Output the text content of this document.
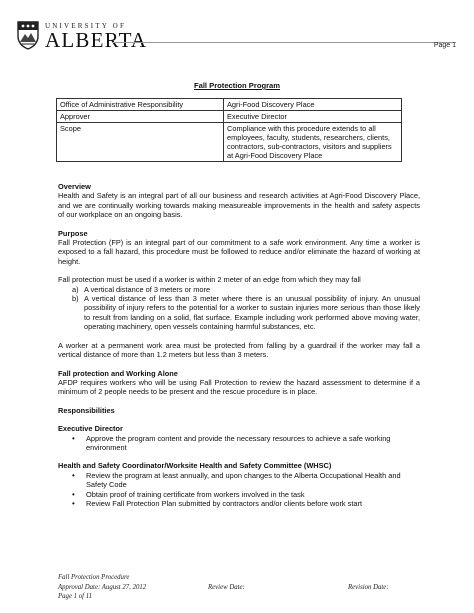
UNIVERSITY OF
ALBERTA	Page 1
Fall Protection Program
Office of Administrative Responsibility	Agri-Food Discovery Place
Approver	Executive Director
Scope	Compliance with this procedure extends to all employees, faculty, students, researchers, clients, contractors, sub-contractors, visitors and suppliers at Agri-Food Discovery Place
Overview
Health and Safety is an integral part of all our business and research activities at Agri-Food Discovery Place, and we are continually working towards making measureable improvements in the health and safety aspects of our workplace on an ongoing basis.
Purpose
Fall Protection (FP) is an integral part of our commitment to a safe work environment. Any time a worker is exposed to a fall hazard, this procedure must be followed to reduce and/or eliminate the hazard of working at height.
Fall protection must be used if a worker is within 2 meter of an edge from which they may fall
a) A vertical distance of 3 meters or more
b) A vertical distance of less than 3 meter where there is an unusual possibility of injury. An unusual possibility of injury refers to the potential for a worker to sustain injuries more serious than those likely to result from landing on a solid, flat surface. Example including work performed above moving water, operating machinery, open vessels containing harmful substances, etc.
A worker at a permanent work area must be protected from falling by a guardrail if the worker may fall a vertical distance of more than 1.2 meters but less than 3 meters.
Fall protection and Working Alone
AFDP requires workers who will be using Fall Protection to review the hazard assessment to determine if a minimum of 2 people needs to be present and the rescue procedure is in place.
Responsibilities
Executive Director
•	Approve the program content and provide the necessary resources to achieve a safe working environment
Health and Safety Coordinator/Worksite Health and Safety Committee (WHSC)
•	Review the program at least annually, and upon changes to the Alberta Occupational Health and Safety Code
•	Obtain proof of training certificate from workers involved in the task
•	Review Fall Protection Plan submitted by contractors and/or clients before work start
Fall Protection Procedure
Approval Date: August 27, 2012	Review Date:	Revision Date:
Page 1 of 11
